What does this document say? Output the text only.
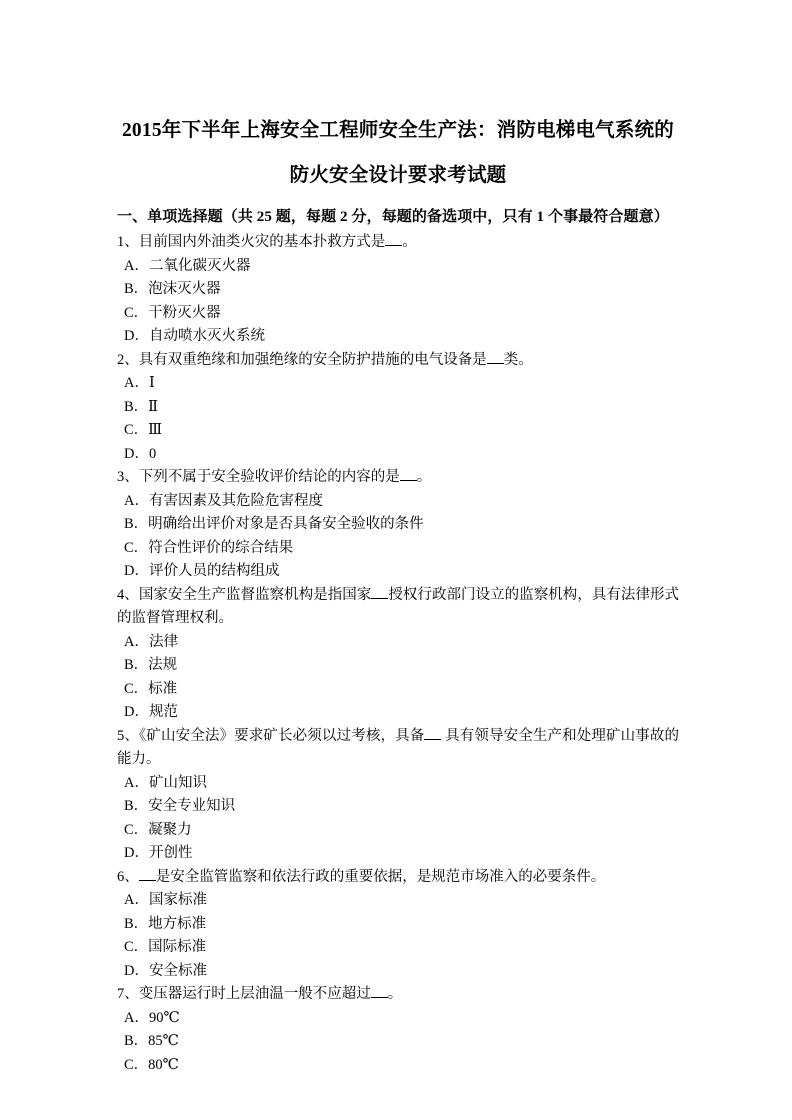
2015年下半年上海安全工程师安全生产法：消防电梯电气系统的防火安全设计要求考试题
一、单项选择题（共 25 题，每题 2 分，每题的备选项中，只有 1 个事最符合题意）

1、目前国内外油类火灾的基本扑救方式是 。

A．二氧化碳灭火器
B．泡沫灭火器
C．干粉灭火器
D．自动喷水灭火系统

2、具有双重绝缘和加强绝缘的安全防护措施的电气设备是 类。

A．Ⅰ
B．Ⅱ
C．Ⅲ
D．0

3、下列不属于安全验收评价结论的内容的是 。

A．有害因素及其危险危害程度
B．明确给出评价对象是否具备安全验收的条件
C．符合性评价的综合结果
D．评价人员的结构组成

4、国家安全生产监督监察机构是指国家 授权行政部门设立的监察机构，具有法律形式的监督管理权利。

A．法律
B．法规
C．标准
D．规范

5、《矿山安全法》要求矿长必须以过考核，具备 具有领导安全生产和处理矿山事故的能力。

A．矿山知识
B．安全专业知识
C．凝聚力
D．开创性

6、 是安全监管监察和依法行政的重要依据，是规范市场准入的必要条件。

A．国家标准
B．地方标准
C．国际标准
D．安全标准

7、变压器运行时上层油温一般不应超过 。

A．90℃
B．85℃
C．80℃
